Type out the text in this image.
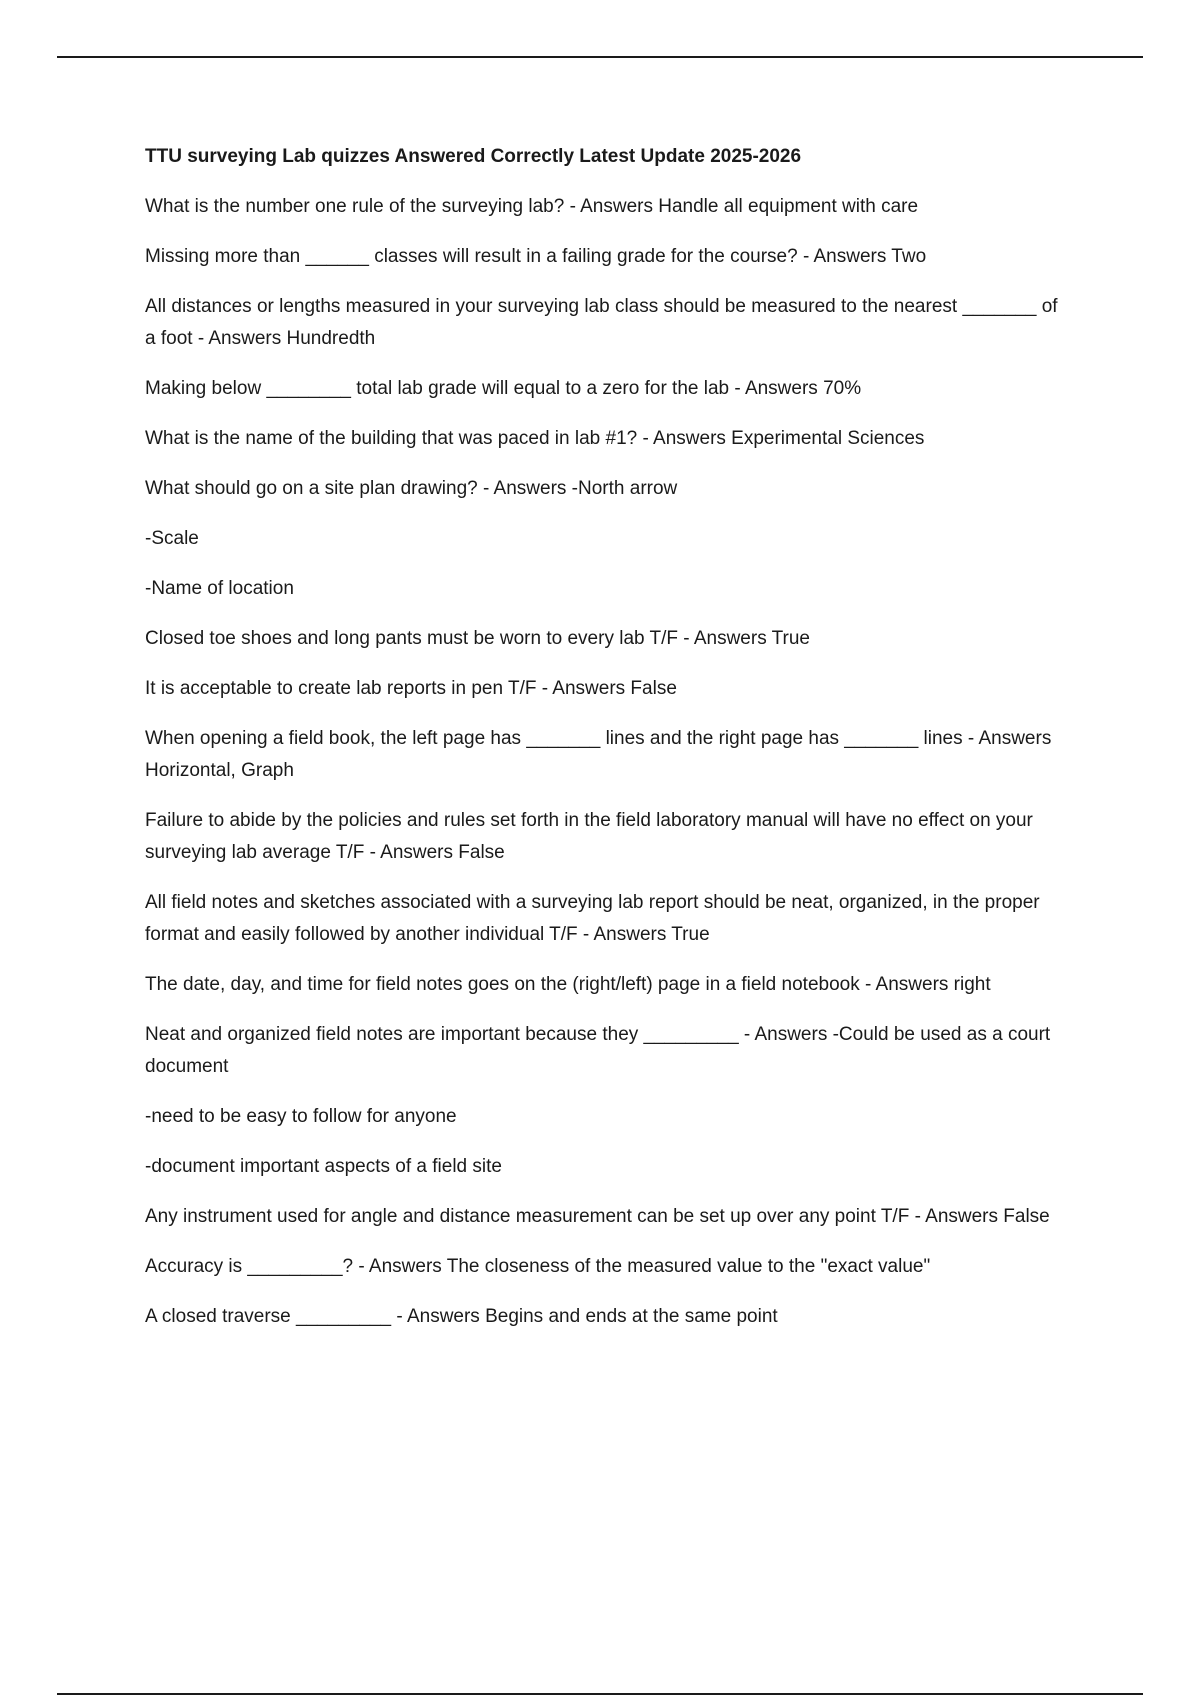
TTU surveying Lab quizzes Answered Correctly Latest Update 2025-2026
What is the number one rule of the surveying lab? - Answers Handle all equipment with care
Missing more than ______ classes will result in a failing grade for the course? - Answers Two
All distances or lengths measured in your surveying lab class should be measured to the nearest _______ of a foot - Answers Hundredth
Making below ________ total lab grade will equal to a zero for the lab - Answers 70%
What is the name of the building that was paced in lab #1? - Answers Experimental Sciences
What should go on a site plan drawing? - Answers -North arrow
-Scale
-Name of location
Closed toe shoes and long pants must be worn to every lab T/F - Answers True
It is acceptable to create lab reports in pen T/F - Answers False
When opening a field book, the left page has _______ lines and the right page has _______ lines - Answers Horizontal, Graph
Failure to abide by the policies and rules set forth in the field laboratory manual will have no effect on your surveying lab average T/F - Answers False
All field notes and sketches associated with a surveying lab report should be neat, organized, in the proper format and easily followed by another individual T/F - Answers True
The date, day, and time for field notes goes on the (right/left) page in a field notebook - Answers right
Neat and organized field notes are important because they _________ - Answers -Could be used as a court document
-need to be easy to follow for anyone
-document important aspects of a field site
Any instrument used for angle and distance measurement can be set up over any point T/F - Answers False
Accuracy is _________? - Answers The closeness of the measured value to the "exact value"
A closed traverse _________ - Answers Begins and ends at the same point
